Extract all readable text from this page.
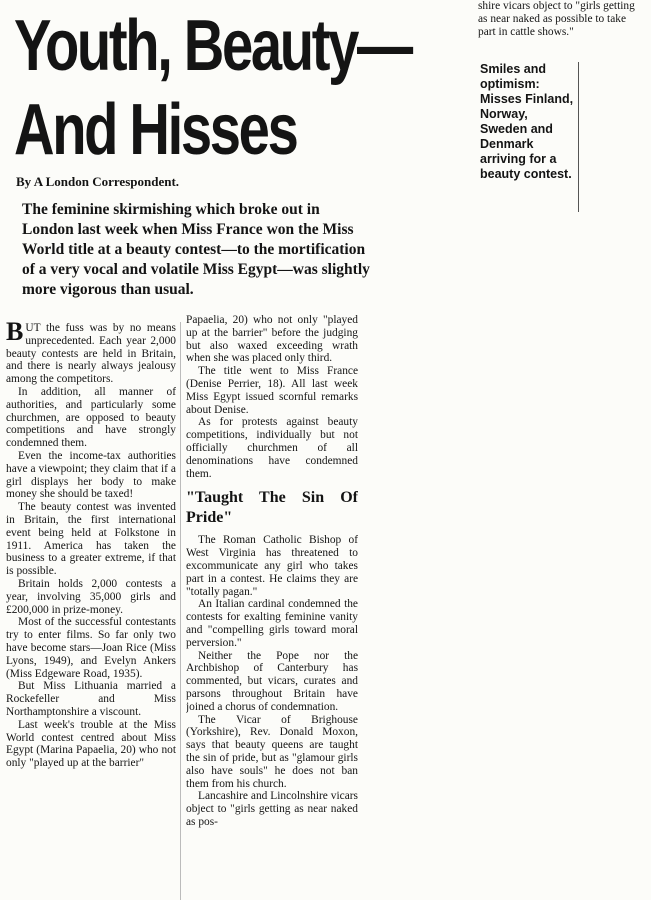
Youth, Beauty—
And Hisses
By A London Correspondent.
The feminine skirmishing which broke out in London last week when Miss France won the Miss World title at a beauty contest—to the mortification of a very vocal and volatile Miss Egypt—was slightly more vigorous than usual.

BUT the fuss was by no means unprecedented. Each year 2,000 beauty contests are held in Britain, and there is nearly always jealousy among the competitors.

In addition, all manner of authorities, and particularly some churchmen, are opposed to beauty competitions and have strongly condemned them.

Even the income-tax authorities have a viewpoint; they claim that if a girl displays her body to make money she should be taxed!

The beauty contest was invented in Britain, the first international event being held at Folkstone in 1911. America has taken the business to a greater extreme, if that is possible.

Britain holds 2,000 contests a year, involving 35,000 girls and £200,000 in prize-money.

Most of the successful contestants try to enter films. So far only two have become stars—Joan Rice (Miss Lyons, 1949), and Evelyn Ankers (Miss Edgeware Road, 1935).

But Miss Lithuania married a Rockefeller and Miss Northamptonshire a viscount.

Last week's trouble at the Miss World contest centred about Miss Egypt (Marina Papaelia, 20) who not only "played up at the barrier"

Papaelia, 20) who not only "played up at the barrier" before the judging but also waxed exceeding wrath when she was placed only third.

The title went to Miss France (Denise Perrier, 18). All last week Miss Egypt issued scornful remarks about Denise.

As for protests against beauty competitions, individually but not officially churchmen of all denominations have condemned them.

"Taught The Sin Of Pride"

The Roman Catholic Bishop of West Virginia has threatened to excommunicate any girl who takes part in a contest. He claims they are "totally pagan."

An Italian cardinal condemned the contests for exalting feminine vanity and "compelling girls toward moral perversion."

Neither the Pope nor the Archbishop of Canterbury has commented, but vicars, curates and parsons throughout Britain have joined a chorus of condemnation.

The Vicar of Brighouse (Yorkshire), Rev. Donald Moxon, says that beauty queens are taught the sin of pride, but as "glamour girls also have souls" he does not ban them from his church.

Lancashire and Lincolnshire vicars object to "girls getting as near naked as pos-

shire vicars object to "girls getting as near naked as possible to take part in cattle shows."
Smiles and optimism: Misses Finland, Norway, Sweden and Denmark arriving for a beauty contest.
